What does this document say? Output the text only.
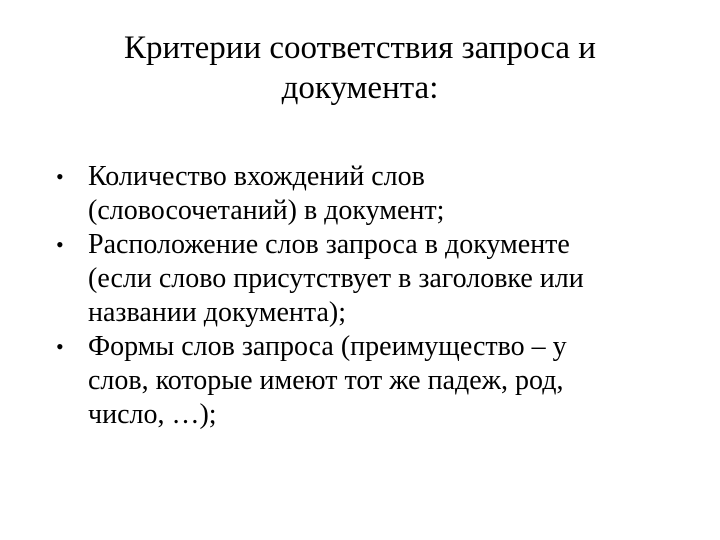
Критерии соответствия запроса и
документа:
• Количество вхождений слов
(словосочетаний) в документ;
• Расположение слов запроса в документе
(если слово присутствует в заголовке или
названии документа);
• Формы слов запроса (преимущество – у
слов, которые имеют тот же падеж, род,
число, …);
